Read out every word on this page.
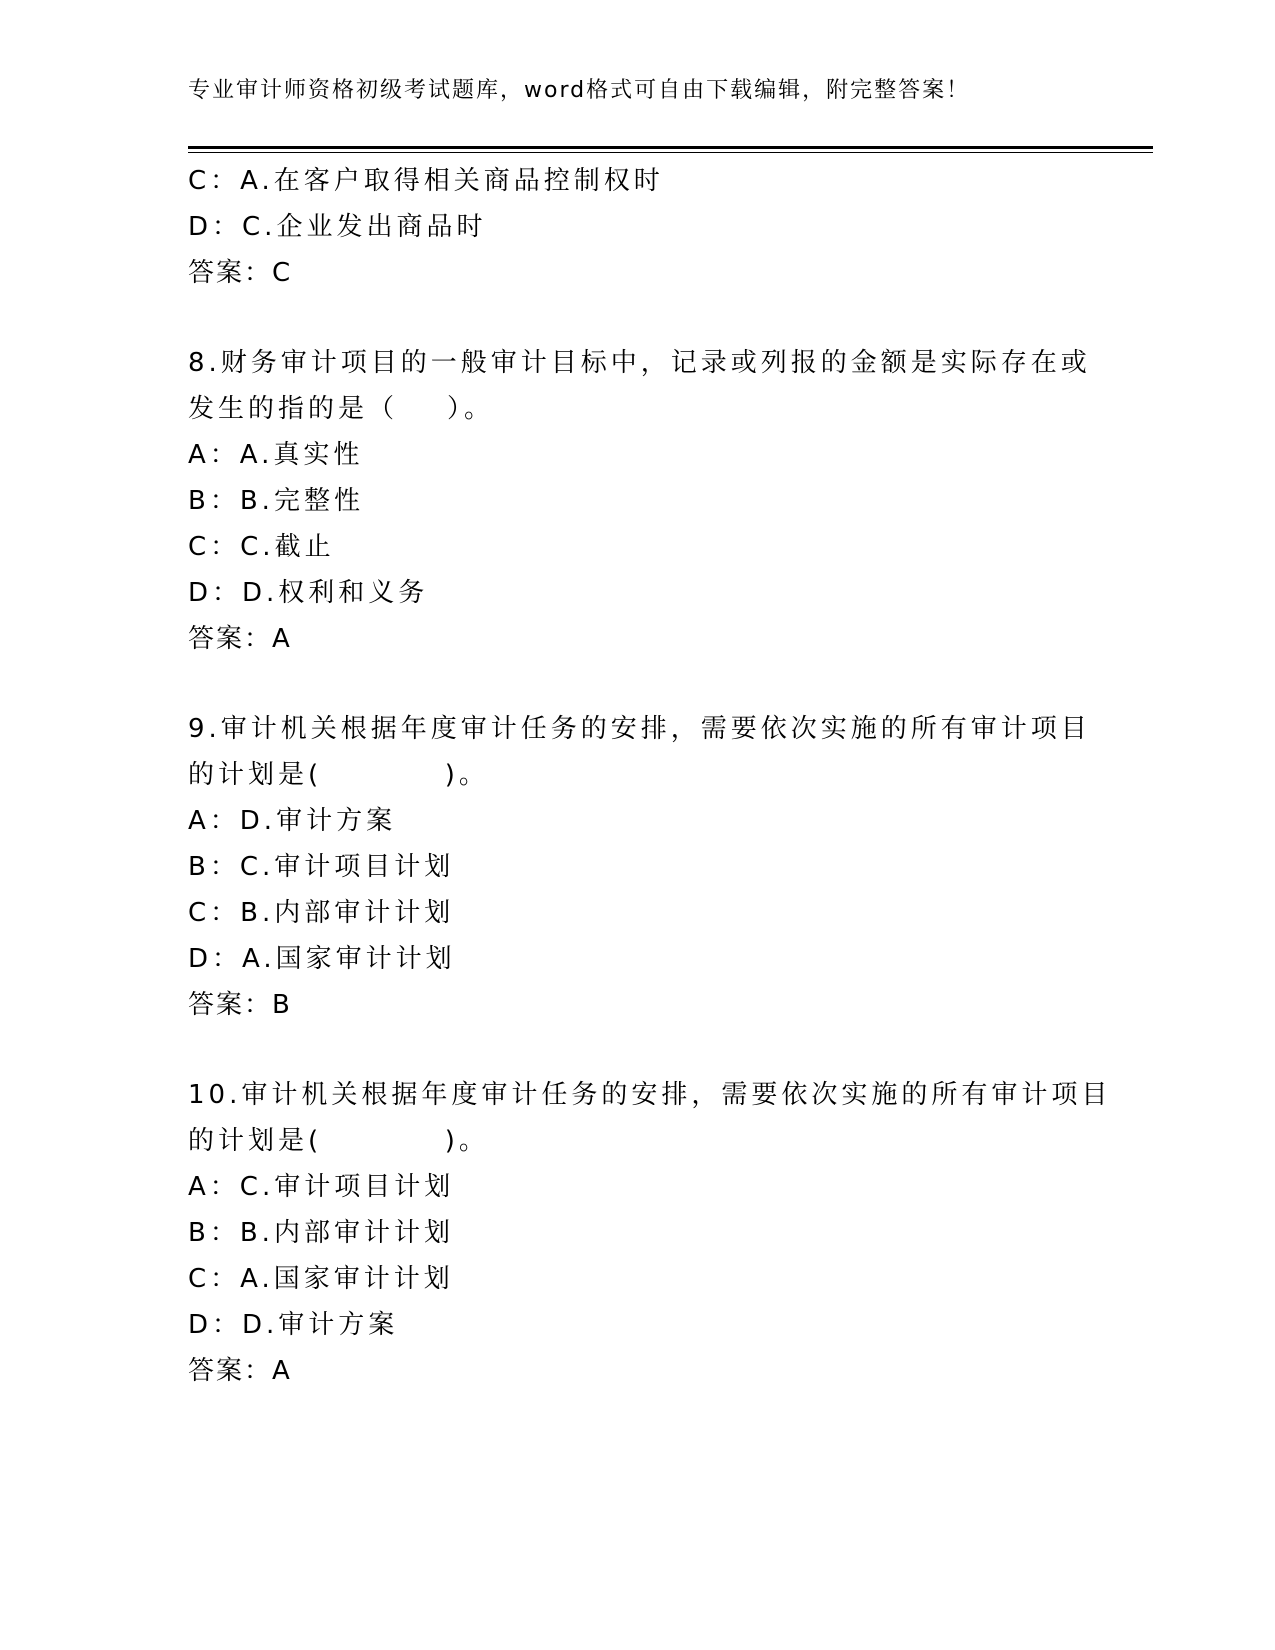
专业审计师资格初级考试题库，word格式可自由下载编辑，附完整答案！
C：A.在客户取得相关商品控制权时
D：C.企业发出商品时
答案：C
8.财务审计项目的一般审计目标中，记录或列报的金额是实际存在或
发生的指的是（    ）。
A：A.真实性
B：B.完整性
C：C.截止
D：D.权利和义务
答案：A
9.审计机关根据年度审计任务的安排，需要依次实施的所有审计项目
的计划是(          )。
A：D.审计方案
B：C.审计项目计划
C：B.内部审计计划
D：A.国家审计计划
答案：B
10.审计机关根据年度审计任务的安排，需要依次实施的所有审计项目
的计划是(          )。
A：C.审计项目计划
B：B.内部审计计划
C：A.国家审计计划
D：D.审计方案
答案：A
